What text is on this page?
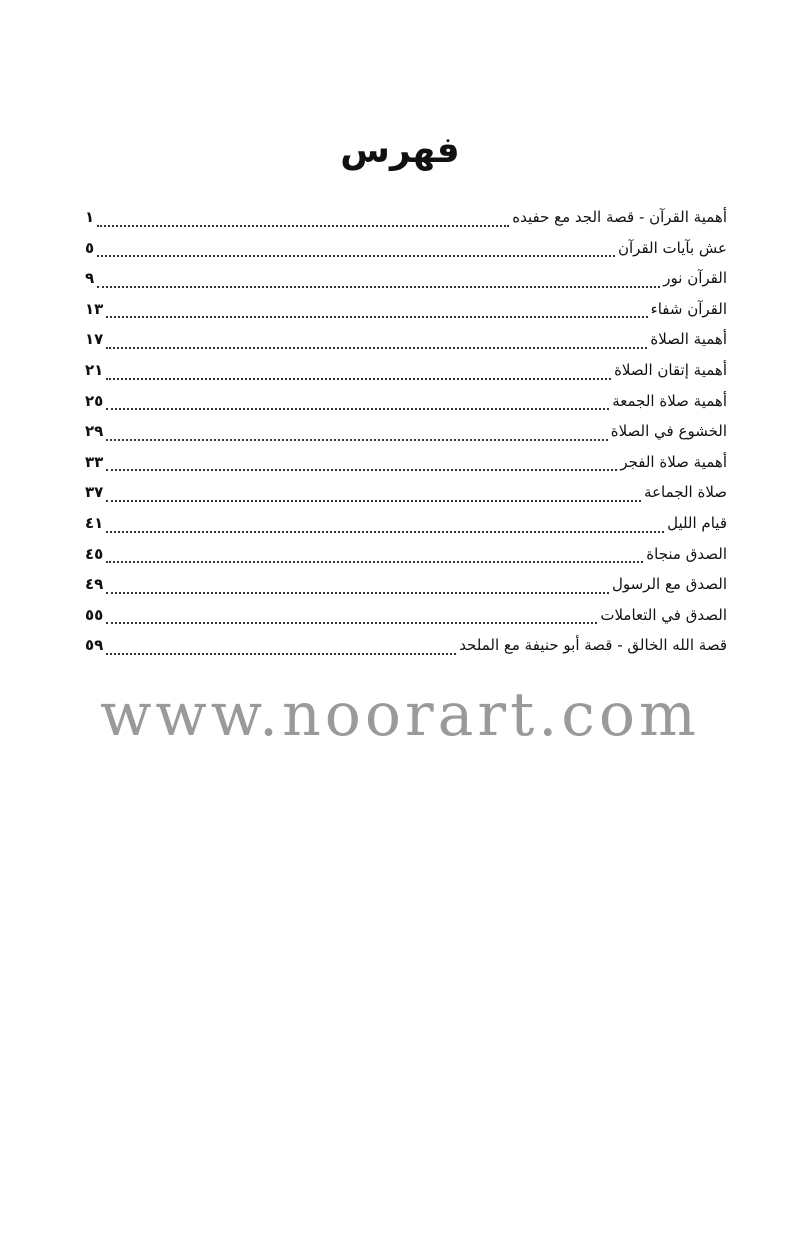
فهرس
أهمية القرآن - قصة الجد مع حفيده
١
عش بآيات القرآن
٥
القرآن نور
٩
القرآن شفاء
١٣
أهمية الصلاة
١٧
أهمية إتقان الصلاة
٢١
أهمية صلاة الجمعة
٢٥
الخشوع في الصلاة
٢٩
أهمية صلاة الفجر
٣٣
صلاة الجماعة
٣٧
قيام الليل
٤١
الصدق منجاة
٤٥
الصدق مع الرسول
٤٩
الصدق في التعاملات
٥٥
قصة الله الخالق - قصة أبو حنيفة مع الملحد
٥٩
www.noorart.com
